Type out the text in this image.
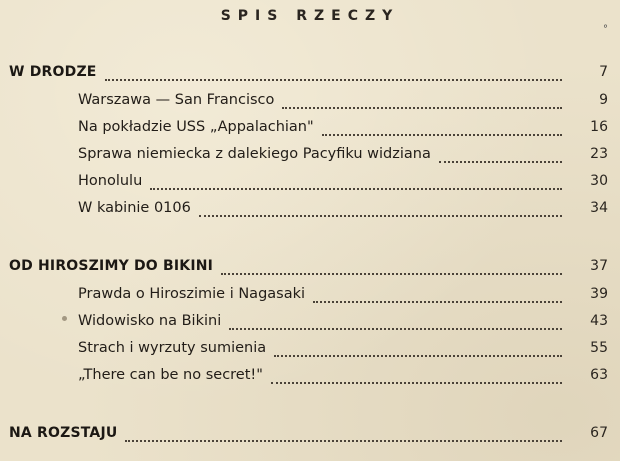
SPIS RZECZY
°
W DRODZE	7
Warszawa — San Francisco	9
Na pokładzie USS „Appalachian"	16
Sprawa niemiecka z dalekiego Pacyfiku widziana	23
Honolulu	30
W kabinie 0106	34
OD HIROSZIMY DO BIKINI	37
Prawda o Hiroszimie i Nagasaki	39
Widowisko na Bikini	43
Strach i wyrzuty sumienia	55
„There can be no secret!"	63
NA ROZSTAJU	67
